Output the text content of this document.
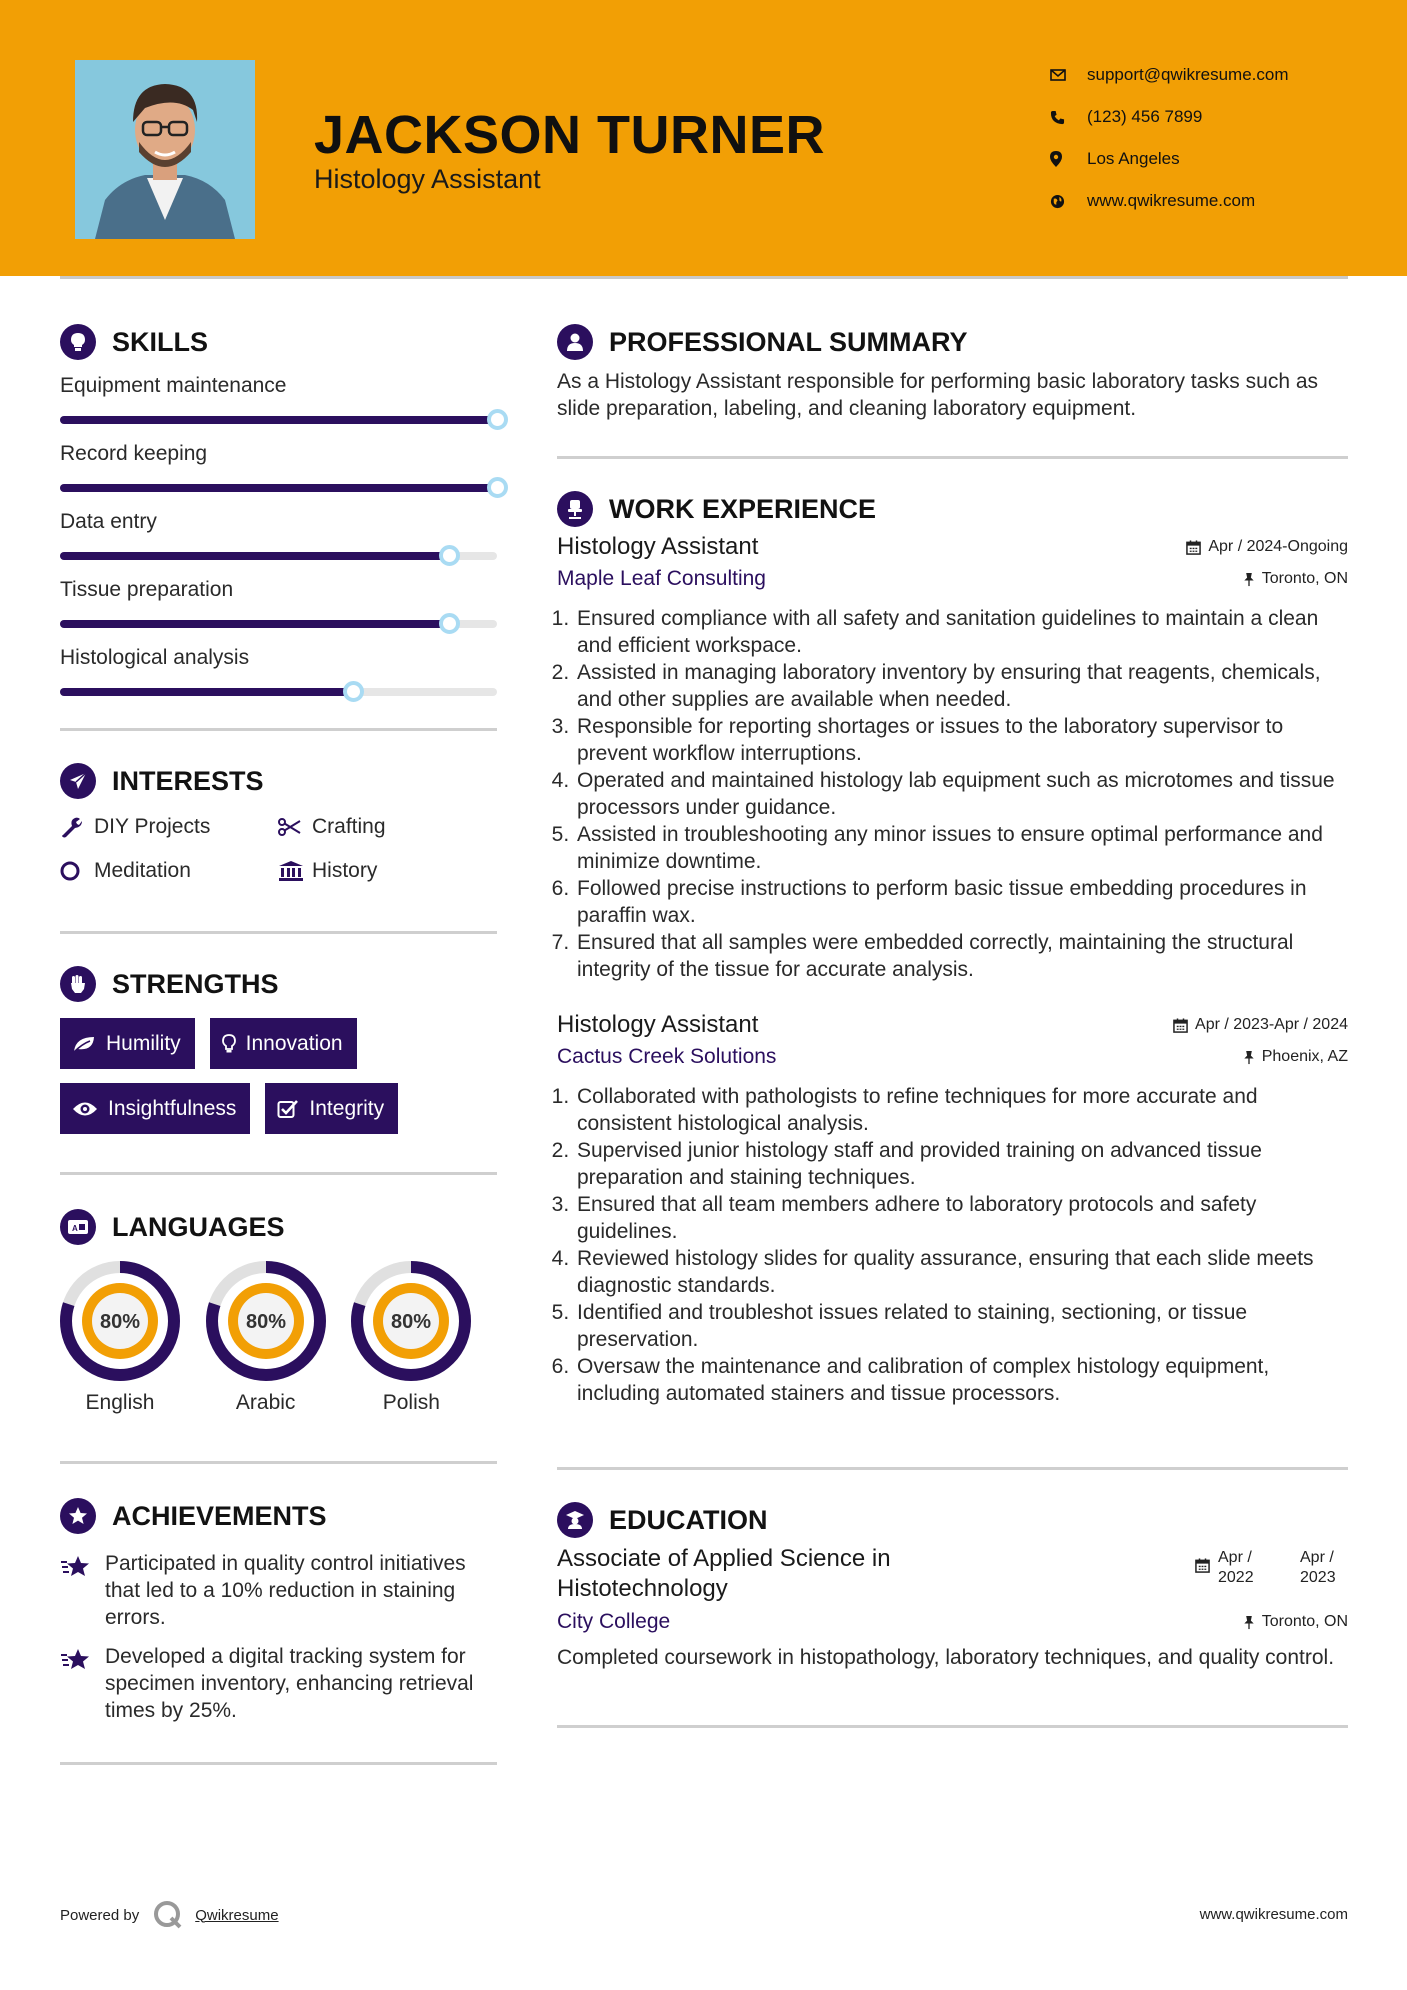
JACKSON TURNER
Histology Assistant
support@qwikresume.com
(123) 456 7899
Los Angeles
www.qwikresume.com
SKILLS
Equipment maintenance
Record keeping
Data entry
Tissue preparation
Histological analysis
INTERESTS
DIY Projects	Crafting
Meditation	History
STRENGTHS
Humility	Innovation
Insightfulness	Integrity
A LANGUAGES
80%
English
80%
Arabic
80%
Polish
ACHIEVEMENTS
Participated in quality control initiatives that led to a 10% reduction in staining errors.
Developed a digital tracking system for specimen inventory, enhancing retrieval times by 25%.
PROFESSIONAL SUMMARY
As a Histology Assistant responsible for performing basic laboratory tasks such as slide preparation, labeling, and cleaning laboratory equipment.
WORK EXPERIENCE
Histology Assistant	Apr / 2024-Ongoing
Maple Leaf Consulting	Toronto, ON
1. Ensured compliance with all safety and sanitation guidelines to maintain a clean and efficient workspace.
2. Assisted in managing laboratory inventory by ensuring that reagents, chemicals, and other supplies are available when needed.
3. Responsible for reporting shortages or issues to the laboratory supervisor to prevent workflow interruptions.
4. Operated and maintained histology lab equipment such as microtomes and tissue processors under guidance.
5. Assisted in troubleshooting any minor issues to ensure optimal performance and minimize downtime.
6. Followed precise instructions to perform basic tissue embedding procedures in paraffin wax.
7. Ensured that all samples were embedded correctly, maintaining the structural integrity of the tissue for accurate analysis.
Histology Assistant	Apr / 2023-Apr / 2024
Cactus Creek Solutions	Phoenix, AZ
1. Collaborated with pathologists to refine techniques for more accurate and consistent histological analysis.
2. Supervised junior histology staff and provided training on advanced tissue preparation and staining techniques.
3. Ensured that all team members adhere to laboratory protocols and safety guidelines.
4. Reviewed histology slides for quality assurance, ensuring that each slide meets diagnostic standards.
5. Identified and troubleshot issues related to staining, sectioning, or tissue preservation.
6. Oversaw the maintenance and calibration of complex histology equipment, including automated stainers and tissue processors.
EDUCATION
Associate of Applied Science in Histotechnology
Apr / 2022
Apr / 2023
City College	Toronto, ON
Completed coursework in histopathology, laboratory techniques, and quality control.
Powered by	Qwikresume	www.qwikresume.com
